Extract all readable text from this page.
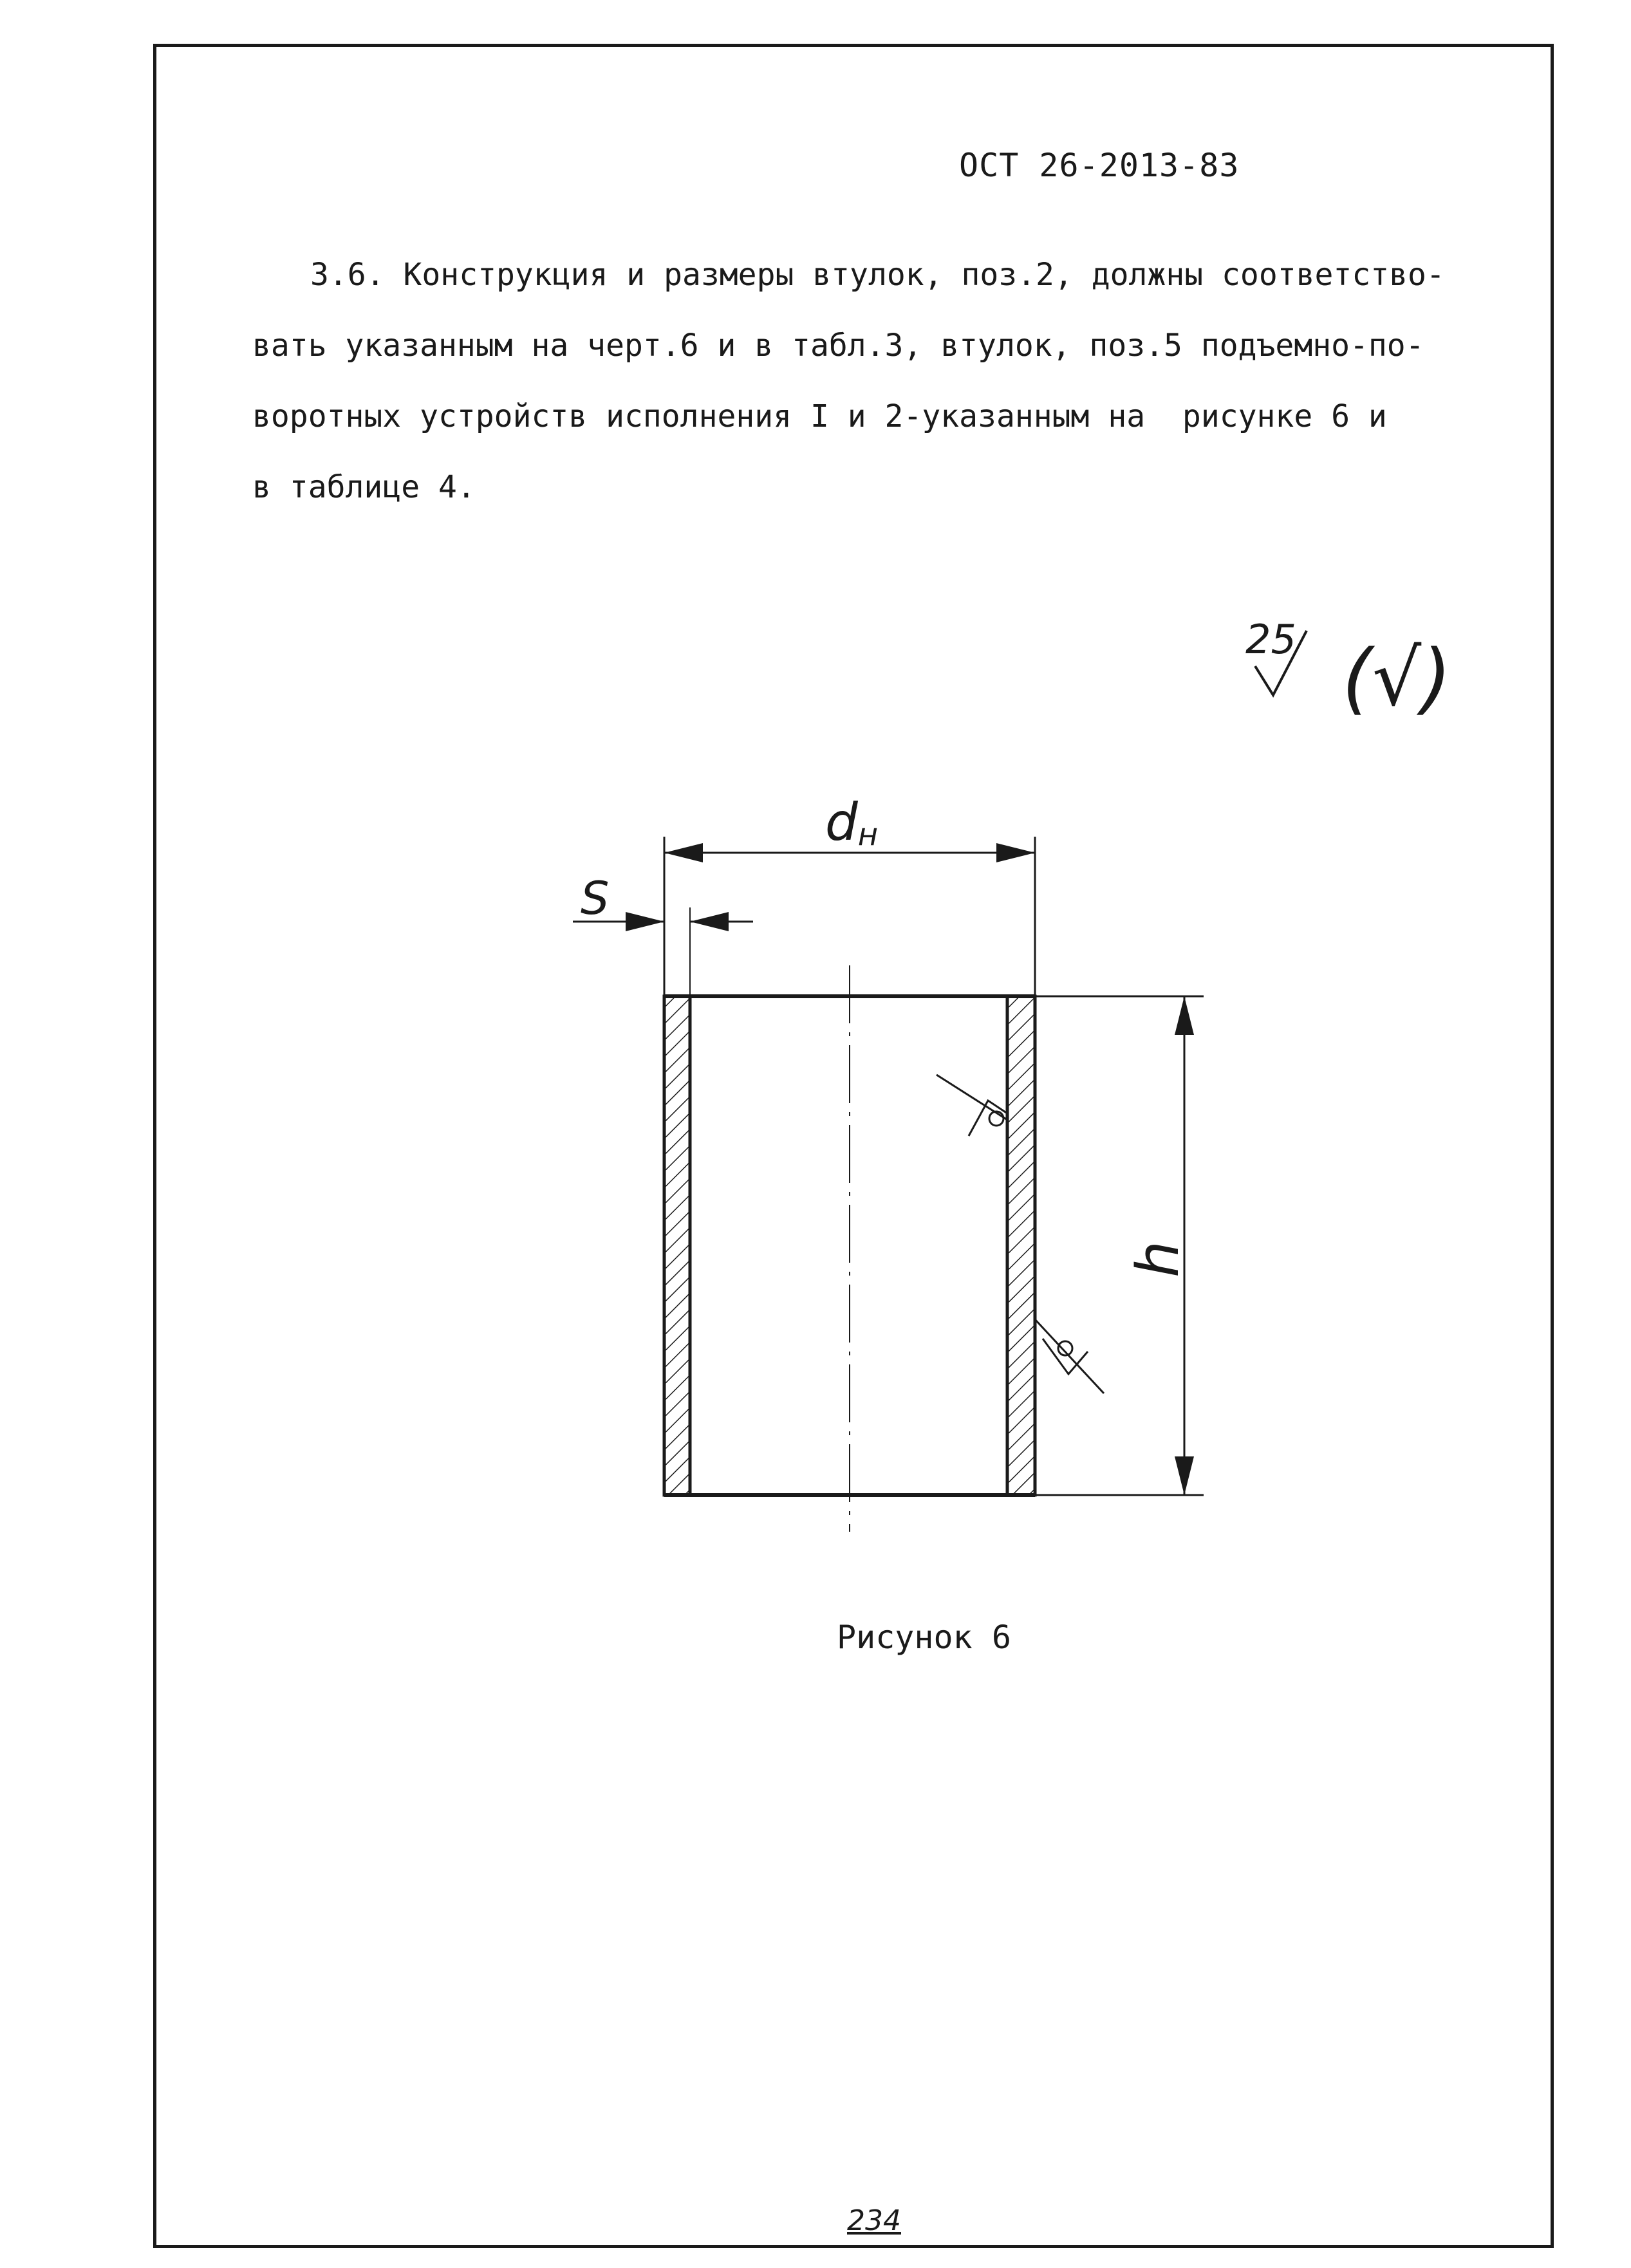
ОСТ 26-2013-83
3.6. Конструкция и размеры втулок, поз.2, должны соответство-
вать указанным на черт.6 и в табл.3, втулок, поз.5 подъемно-по-
воротных устройств исполнения I и 2-указанным на  рисунке 6 и
в таблице 4.
25 (√)
dн
S
h
Рисунок 6
234
